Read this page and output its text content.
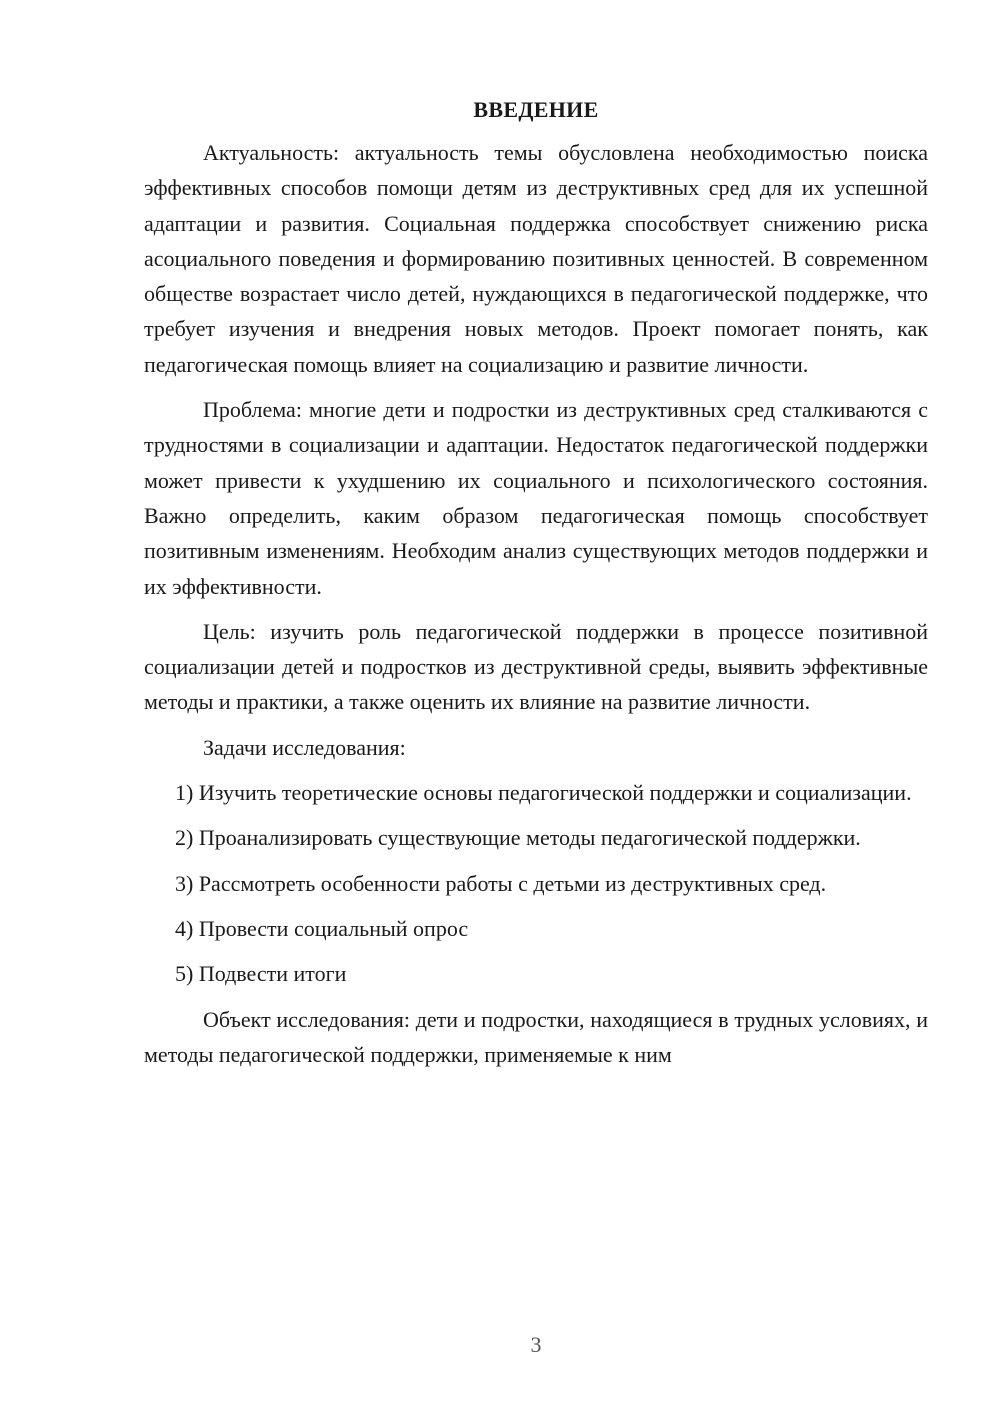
ВВЕДЕНИЕ

Актуальность: актуальность темы обусловлена необходимостью поиска эффективных способов помощи детям из деструктивных сред для их успешной адаптации и развития. Социальная поддержка способствует снижению риска асоциального поведения и формированию позитивных ценностей. В современном обществе возрастает число детей, нуждающихся в педагогической поддержке, что требует изучения и внедрения новых методов. Проект помогает понять, как педагогическая помощь влияет на социализацию и развитие личности.

Проблема: многие дети и подростки из деструктивных сред сталкиваются с трудностями в социализации и адаптации. Недостаток педагогической поддержки может привести к ухудшению их социального и психологического состояния. Важно определить, каким образом педагогическая помощь способствует позитивным изменениям. Необходим анализ существующих методов поддержки и их эффективности.

Цель: изучить роль педагогической поддержки в процессе позитивной социализации детей и подростков из деструктивной среды, выявить эффективные методы и практики, а также оценить их влияние на развитие личности.

Задачи исследования:

1) Изучить теоретические основы педагогической поддержки и социализации.

2) Проанализировать существующие методы педагогической поддержки.

3) Рассмотреть особенности работы с детьми из деструктивных сред.

4) Провести социальный опрос

5) Подвести итоги

Объект исследования: дети и подростки, находящиеся в трудных условиях, и методы педагогической поддержки, применяемые к ним

3
